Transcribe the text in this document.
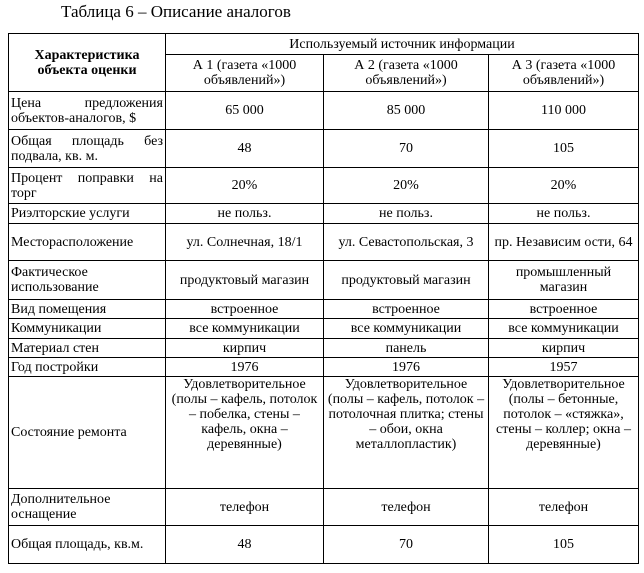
Таблица 6 – Описание аналогов
Характеристика объекта оценки	Используемый источник информации		
	А 1 (газета «1000 объявлений»)	А 2 (газета «1000 объявлений»)	А 3 (газета «1000 объявлений»)
Цена предложения объектов-аналогов, $	65 000	85 000	110 000
Общая площадь без подвала, кв. м.	48	70	105
Процент поправки на торг	20%	20%	20%
Риэлторские услуги	не польз.	не польз.	не польз.
Месторасположение	ул. Солнечная, 18/1	ул. Севастопольская, 3	пр. Независим ости, 64
Фактическое использование	продуктовый магазин	продуктовый магазин	промышленный магазин
Вид помещения	встроенное	встроенное	встроенное
Коммуникации	все коммуникации	все коммуникации	все коммуникации
Материал стен	кирпич	панель	кирпич
Год постройки	1976	1976	1957
Состояние ремонта	Удовлетворительное (полы – кафель, потолок – побелка, стены – кафель, окна – деревянные)	Удовлетворительное (полы – кафель, потолок – потолочная плитка; стены – обои, окна металлопластик)	Удовлетворительное (полы – бетонные, потолок – «стяжка», стены – коллер; окна – деревянные)
Дополнительное оснащение	телефон	телефон	телефон
Общая площадь, кв.м.	48	70	105
